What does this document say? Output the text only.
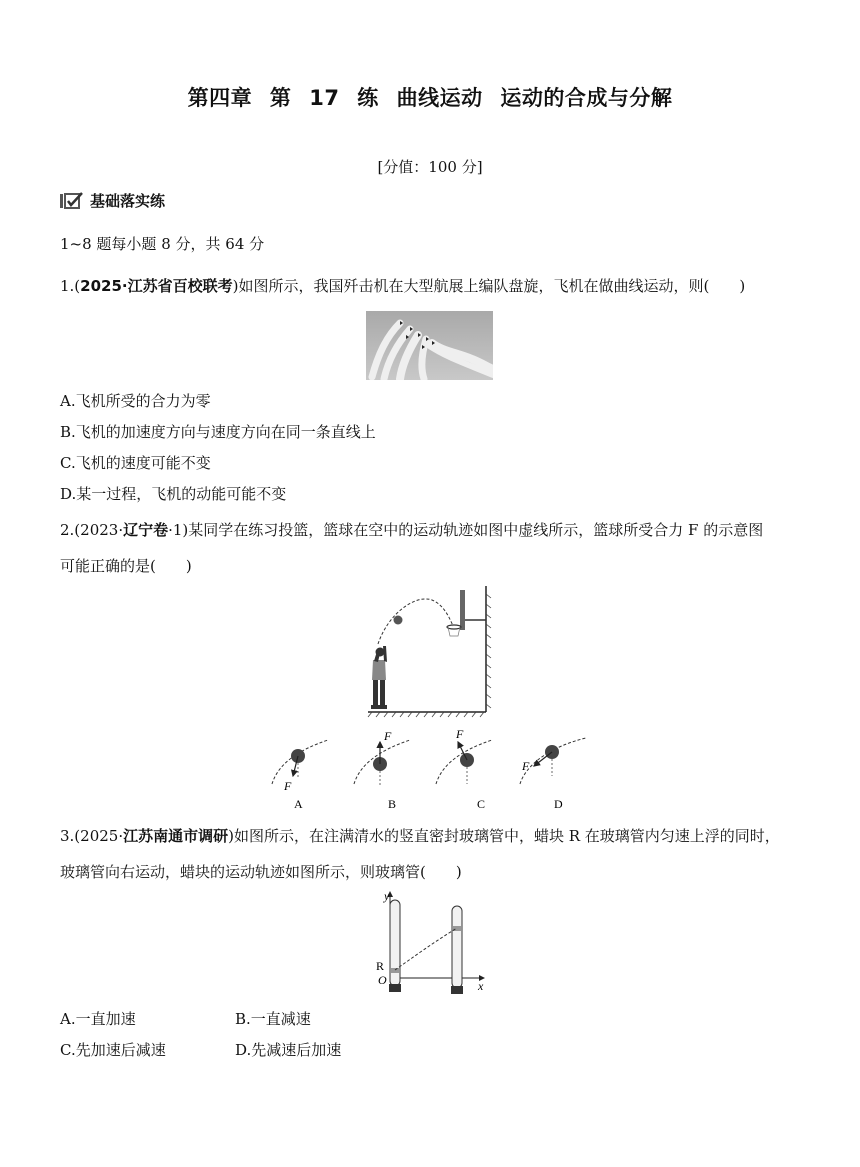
第四章 第 17 练 曲线运动 运动的合成与分解
[分值：100 分]
基础落实练
1~8 题每小题 8 分，共 64 分
1.(2025·江苏省百校联考)如图所示，我国歼击机在大型航展上编队盘旋，飞机在做曲线运动，则(　　)
A.飞机所受的合力为零
B.飞机的加速度方向与速度方向在同一条直线上
C.飞机的速度可能不变
D.某一过程，飞机的动能可能不变
2.(2023·辽宁卷·1)某同学在练习投篮，篮球在空中的运动轨迹如图中虚线所示，篮球所受合力 F 的示意图
可能正确的是(　　)
F
A
F
B
F
C
F
D
3.(2025·江苏南通市调研)如图所示，在注满清水的竖直密封玻璃管中，蜡块 R 在玻璃管内匀速上浮的同时，
玻璃管向右运动，蜡块的运动轨迹如图所示，则玻璃管(　　)
y
x
O
R
A.一直加速	B.一直减速
C.先加速后减速	D.先减速后加速
